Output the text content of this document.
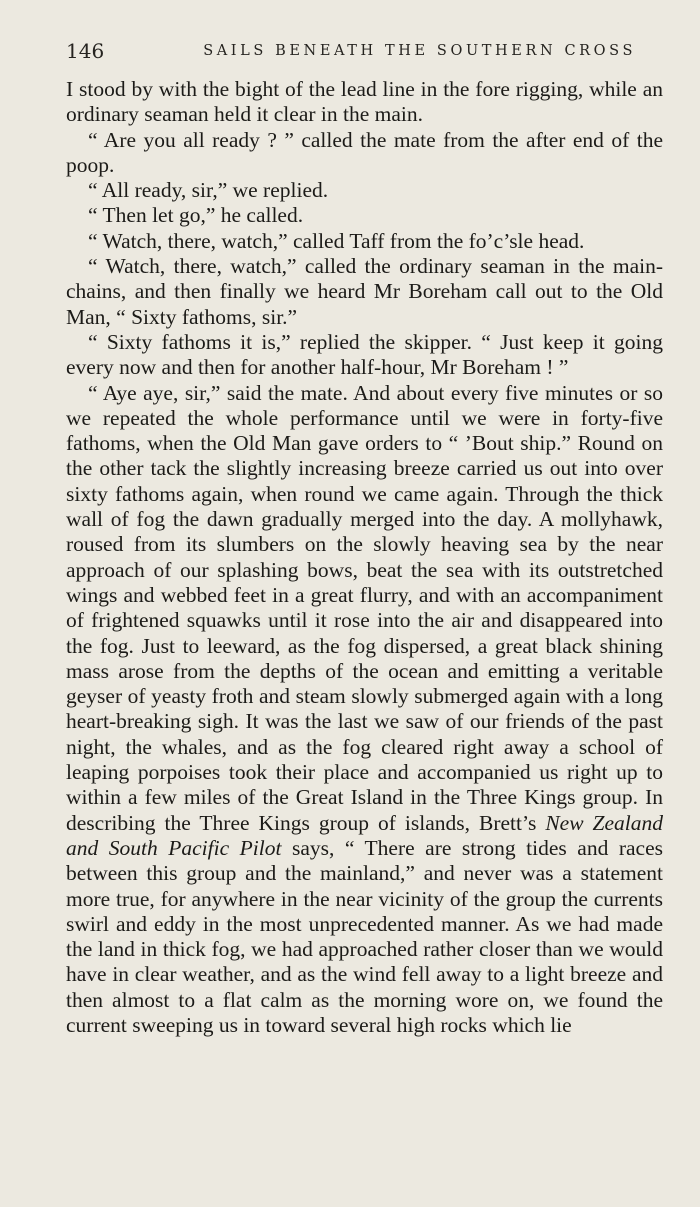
146	SAILS BENEATH THE SOUTHERN CROSS

I stood by with the bight of the lead line in the fore rigging, while an ordinary seaman held it clear in the main.

“ Are you all ready ? ” called the mate from the after end of the poop.

“ All ready, sir,” we replied.

“ Then let go,” he called.

“ Watch, there, watch,” called Taff from the fo’c’sle head.

“ Watch, there, watch,” called the ordinary seaman in the main-chains, and then finally we heard Mr Boreham call out to the Old Man, “ Sixty fathoms, sir.”

“ Sixty fathoms it is,” replied the skipper. “ Just keep it going every now and then for another half-hour, Mr Boreham ! ”

“ Aye aye, sir,” said the mate. And about every five minutes or so we repeated the whole performance until we were in forty-five fathoms, when the Old Man gave orders to “ ’Bout ship.” Round on the other tack the slightly increasing breeze carried us out into over sixty fathoms again, when round we came again. Through the thick wall of fog the dawn gradually merged into the day. A mollyhawk, roused from its slumbers on the slowly heaving sea by the near approach of our splashing bows, beat the sea with its outstretched wings and webbed feet in a great flurry, and with an accompaniment of frightened squawks until it rose into the air and disappeared into the fog. Just to leeward, as the fog dispersed, a great black shining mass arose from the depths of the ocean and emitting a veritable geyser of yeasty froth and steam slowly submerged again with a long heart-breaking sigh. It was the last we saw of our friends of the past night, the whales, and as the fog cleared right away a school of leaping porpoises took their place and accompanied us right up to within a few miles of the Great Island in the Three Kings group. In describing the Three Kings group of islands, Brett’s New Zealand and South Pacific Pilot says, “ There are strong tides and races between this group and the mainland,” and never was a statement more true, for anywhere in the near vicinity of the group the currents swirl and eddy in the most unprecedented manner. As we had made the land in thick fog, we had approached rather closer than we would have in clear weather, and as the wind fell away to a light breeze and then almost to a flat calm as the morning wore on, we found the current sweeping us in toward several high rocks which lie
